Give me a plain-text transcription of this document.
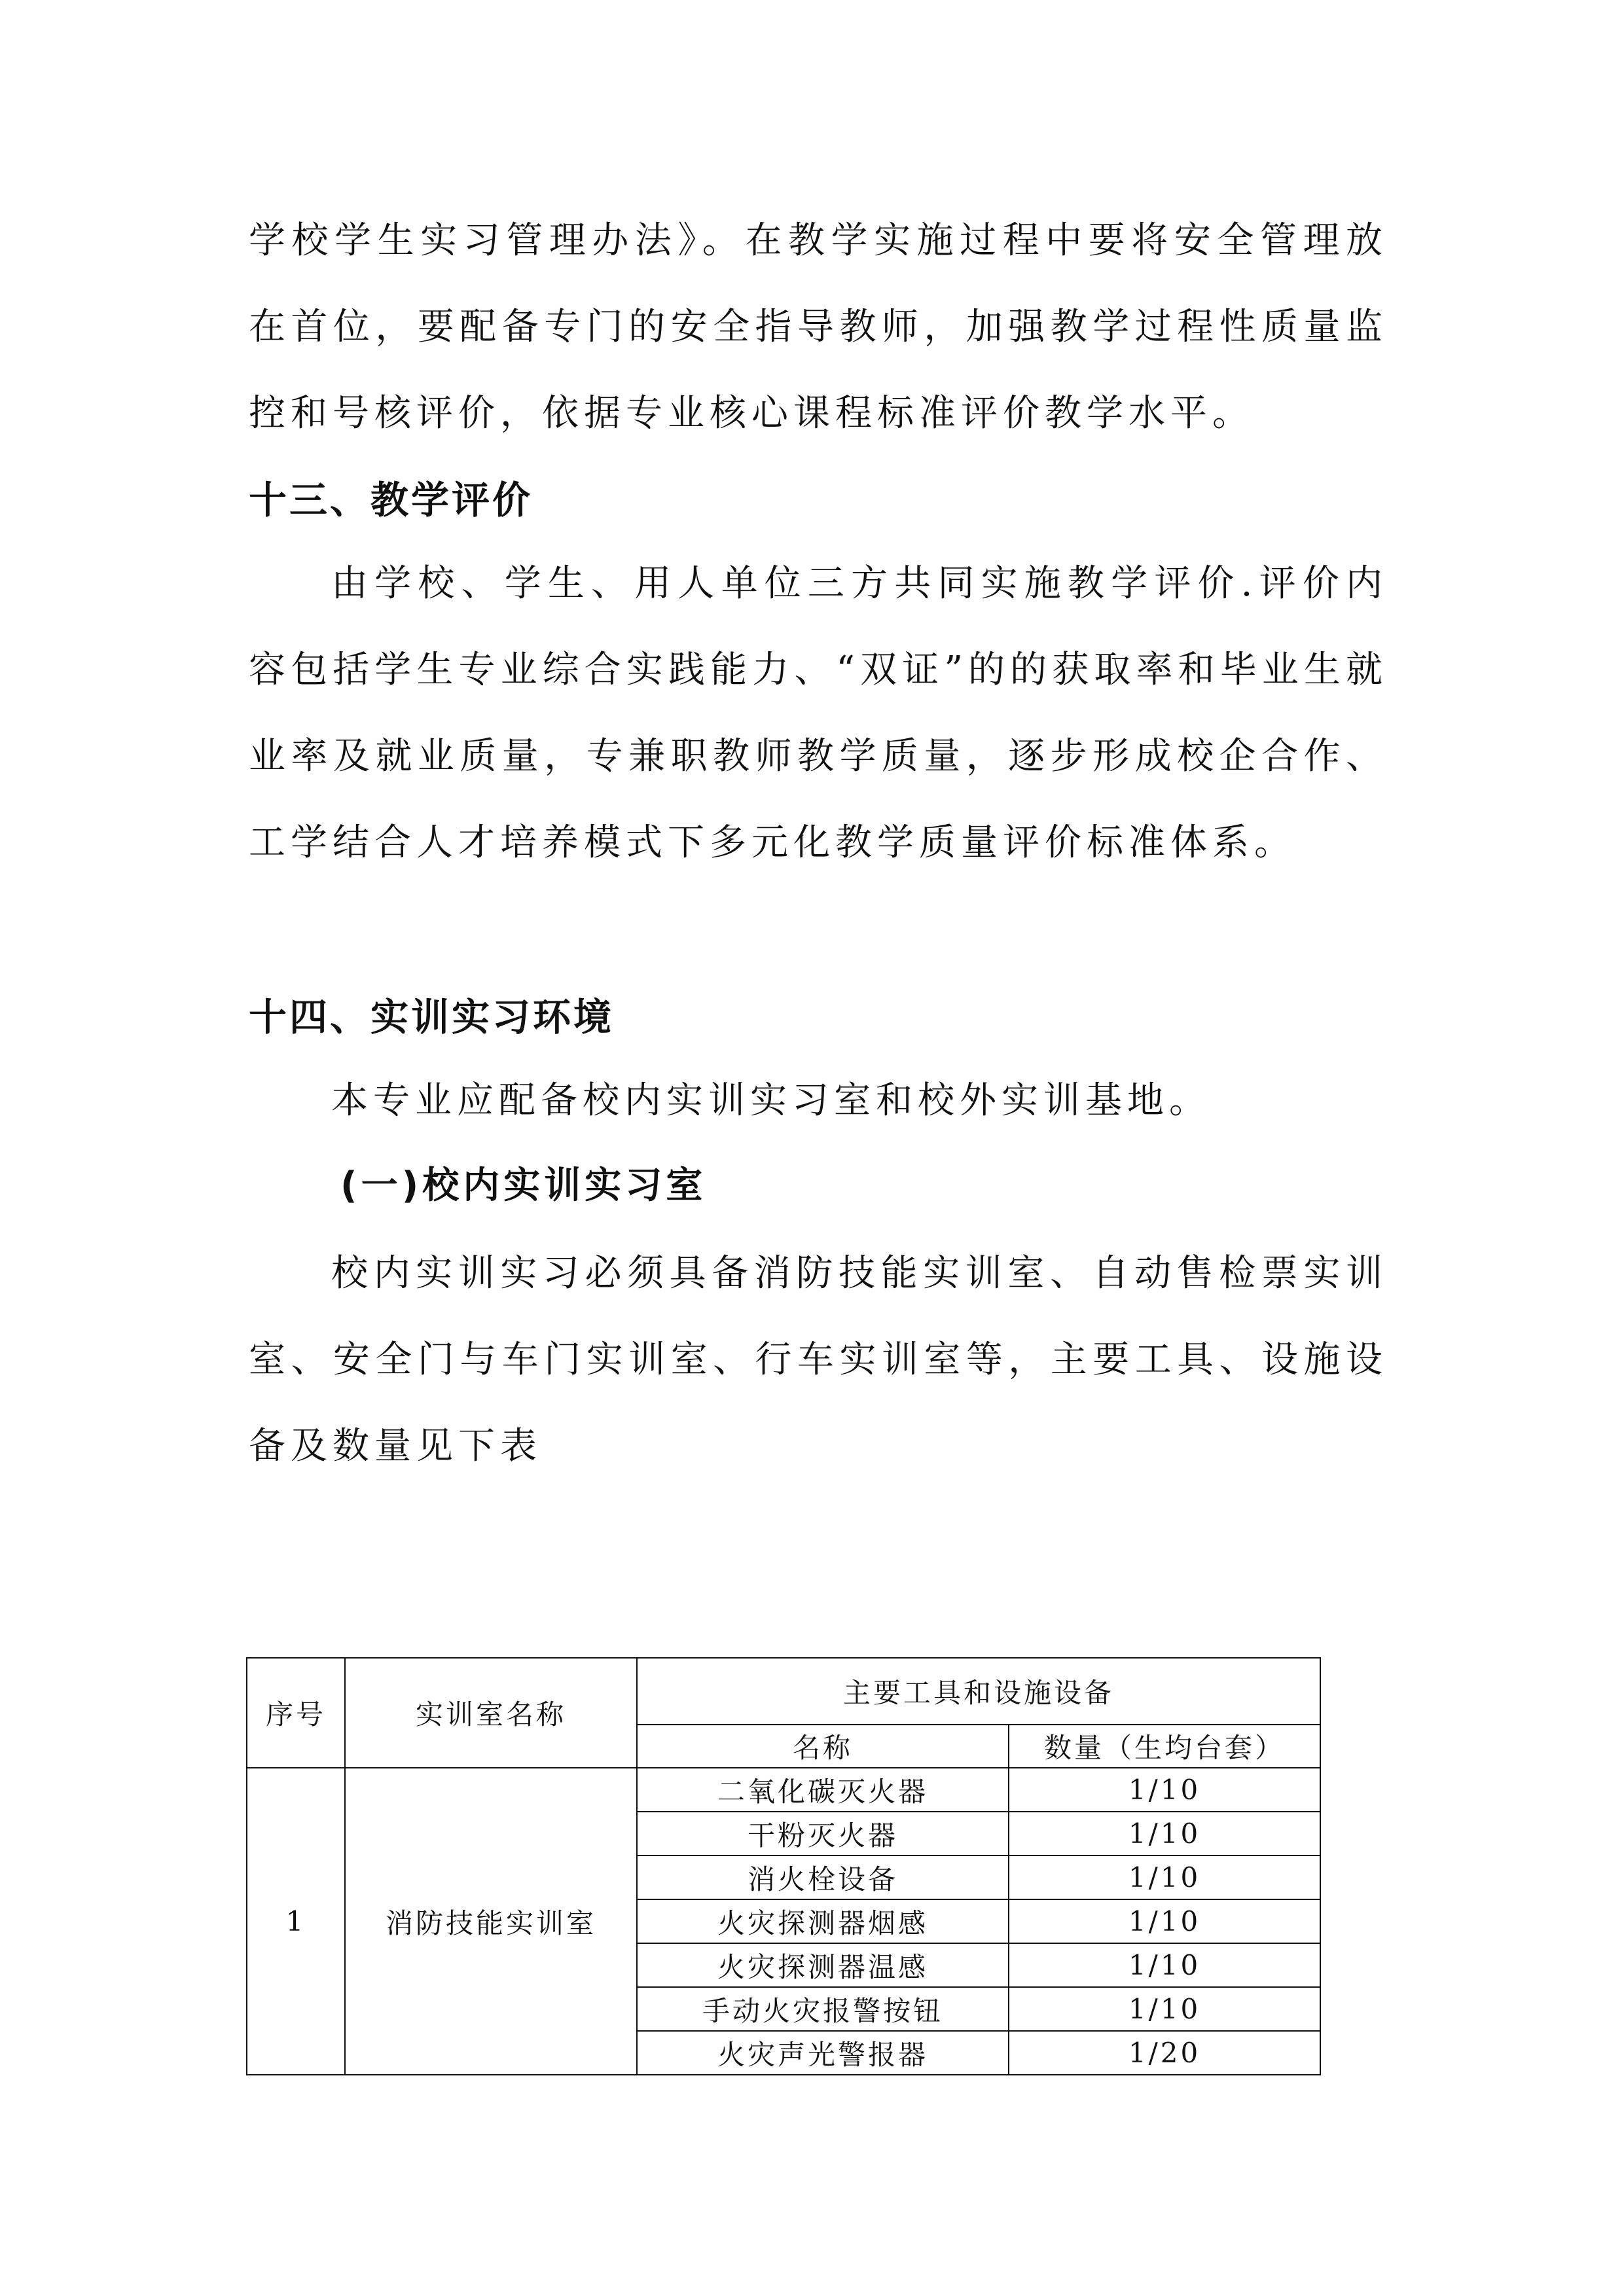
学校学生实习管理办法》。在教学实施过程中要将安全管理放在首位，要配备专门的安全指导教师，加强教学过程性质量监控和号核评价，依据专业核心课程标准评价教学水平。

十三、教学评价

由学校、学生、用人单位三方共同实施教学评价.评价内容包括学生专业综合实践能力、“双证”的的获取率和毕业生就业率及就业质量，专兼职教师教学质量，逐步形成校企合作、工学结合人才培养模式下多元化教学质量评价标准体系。

十四、实训实习环境

本专业应配备校内实训实习室和校外实训基地。

(一)校内实训实习室

校内实训实习必须具备消防技能实训室、自动售检票实训室、安全门与车门实训室、行车实训室等，主要工具、设施设备及数量见下表

序号	实训室名称	主要工具和设施设备	
		名称	数量（生均台套）
1	消防技能实训室	二氧化碳灭火器	1/10
		干粉灭火器	1/10
		消火栓设备	1/10
		火灾探测器烟感	1/10
		火灾探测器温感	1/10
		手动火灾报警按钮	1/10
		火灾声光警报器	1/20
